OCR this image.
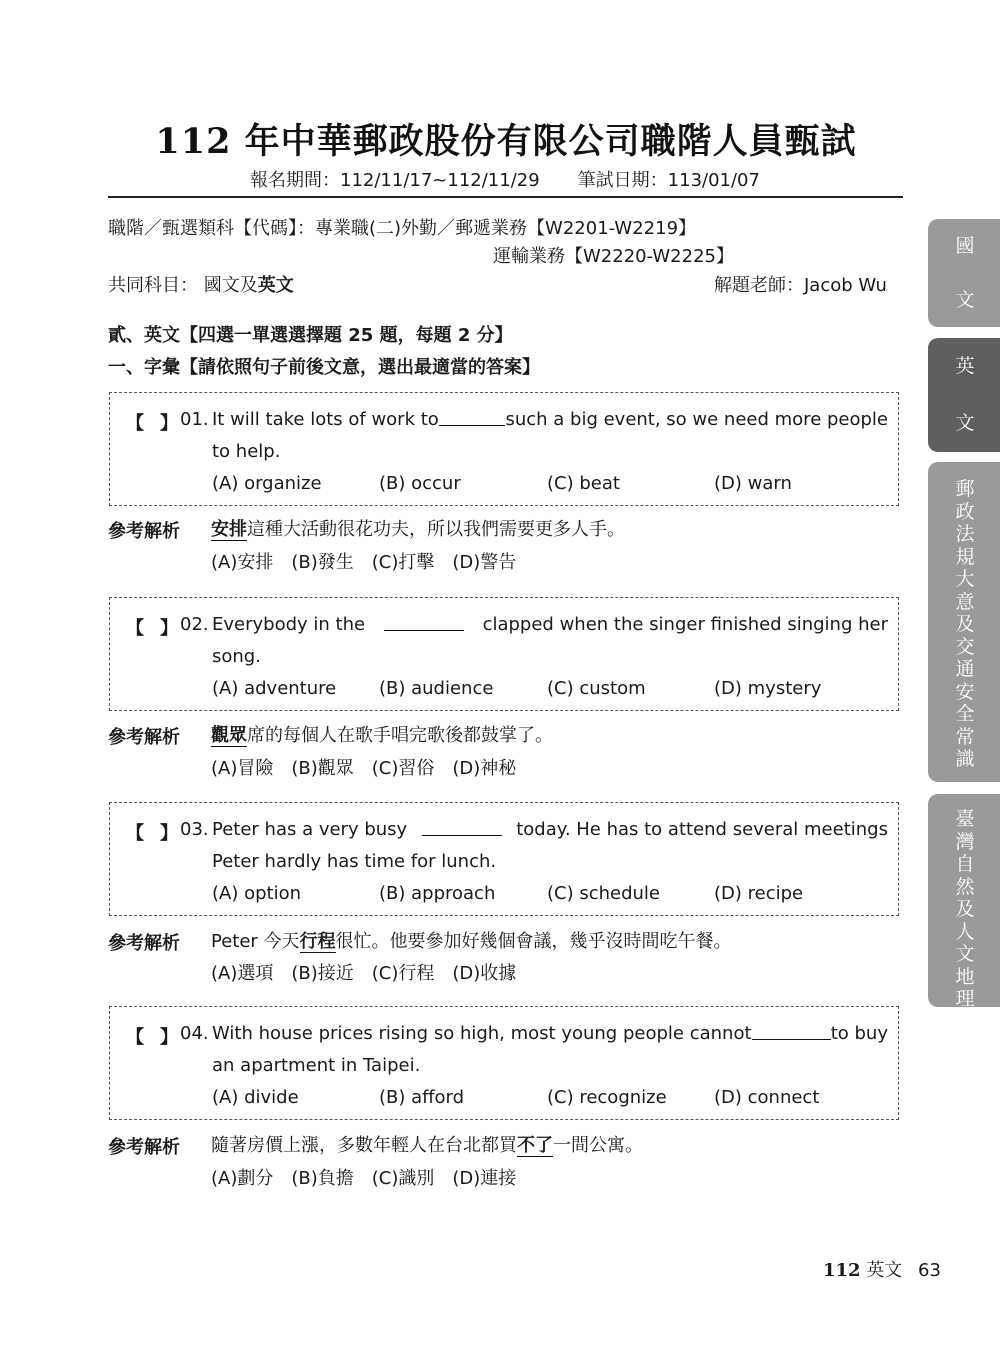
112 年中華郵政股份有限公司職階人員甄試
報名期間：112/11/17~112/11/29 筆試日期：113/01/07
職階／甄選類科【代碼】：專業職(二)外勤／郵遞業務【W2201-W2219】
運輸業務【W2220-W2225】
共同科目： 國文及英文	解題老師：Jacob Wu
貳、英文【四選一單選選擇題 25 題，每題 2 分】
一、字彙【請依照句子前後文意，選出最適當的答案】
【 】 01. It will take lots of work to	such a big event, so we need more people
to help.
(A) organize	(B) occur	(C) beat	(D) warn
參考解析 安排這種大活動很花功夫，所以我們需要更多人手。
(A)安排 (B)發生 (C)打擊 (D)警告
【 】 02. Everybody in the	clapped when the singer finished singing her
song.
(A) adventure (B) audience	(C) custom	(D) mystery
參考解析 觀眾席的每個人在歌手唱完歌後都鼓掌了。
(A)冒險 (B)觀眾 (C)習俗 (D)神秘
【 】 03. Peter has a very busy	today. He has to attend several meetings
Peter hardly has time for lunch.
(A) option	(B) approach	(C) schedule	(D) recipe
參考解析 Peter 今天行程很忙。他要參加好幾個會議，幾乎沒時間吃午餐。
(A)選項 (B)接近 (C)行程 (D)收據
【 】 04. With house prices rising so high, most young people cannot	to buy
an apartment in Taipei.
(A) divide	(B) afford	(C) recognize	(D) connect
參考解析 隨著房價上漲，多數年輕人在台北都買不了一間公寓。
(A)劃分 (B)負擔 (C)識別 (D)連接
國
文
英
文
郵
政
法
規
大
意
及
交
通
安
全
常
識
臺
灣
自
然
及
人
文
地
理
112 英文 63
